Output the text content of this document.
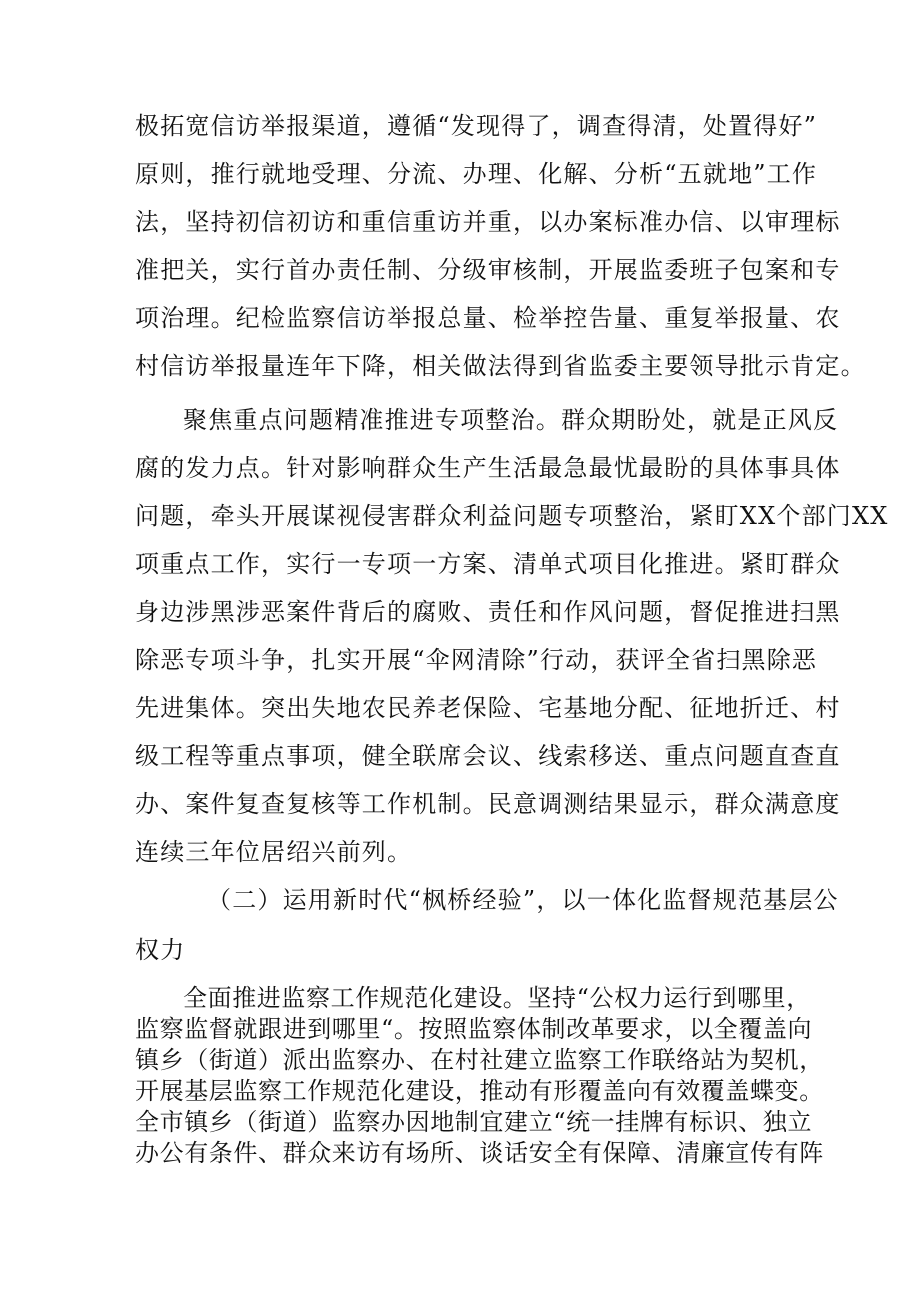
极拓宽信访举报渠道，遵循“发现得了，调查得清，处置得好”
原则，推行就地受理、分流、办理、化解、分析“五就地”工作
法，坚持初信初访和重信重访并重，以办案标准办信、以审理标
准把关，实行首办责任制、分级审核制，开展监委班子包案和专
项治理。纪检监察信访举报总量、检举控告量、重复举报量、农
村信访举报量连年下降，相关做法得到省监委主要领导批示肯定。
聚焦重点问题精准推进专项整治。群众期盼处，就是正风反
腐的发力点。针对影响群众生产生活最急最忧最盼的具体事具体
问题，牵头开展谋视侵害群众利益问题专项整治，紧盯XX个部门XX
项重点工作，实行一专项一方案、清单式项目化推进。紧盯群众
身边涉黑涉恶案件背后的腐败、责任和作风问题，督促推进扫黑
除恶专项斗争，扎实开展“伞网清除”行动，获评全省扫黑除恶
先进集体。突出失地农民养老保险、宅基地分配、征地折迁、村
级工程等重点事项，健全联席会议、线索移送、重点问题直查直
办、案件复查复核等工作机制。民意调测结果显示，群众满意度
连续三年位居绍兴前列。
（二）运用新时代“枫桥经验”，以一体化监督规范基层公
权力
全面推进监察工作规范化建设。坚持“公权力运行到哪里，
监察监督就跟进到哪里“。按照监察体制改革要求，以全覆盖向
镇乡（街道）派出监察办、在村社建立监察工作联络站为契机，
开展基层监察工作规范化建设，推动有形覆盖向有效覆盖蝶变。
全市镇乡（街道）监察办因地制宜建立“统一挂牌有标识、独立
办公有条件、群众来访有场所、谈话安全有保障、清廉宣传有阵
